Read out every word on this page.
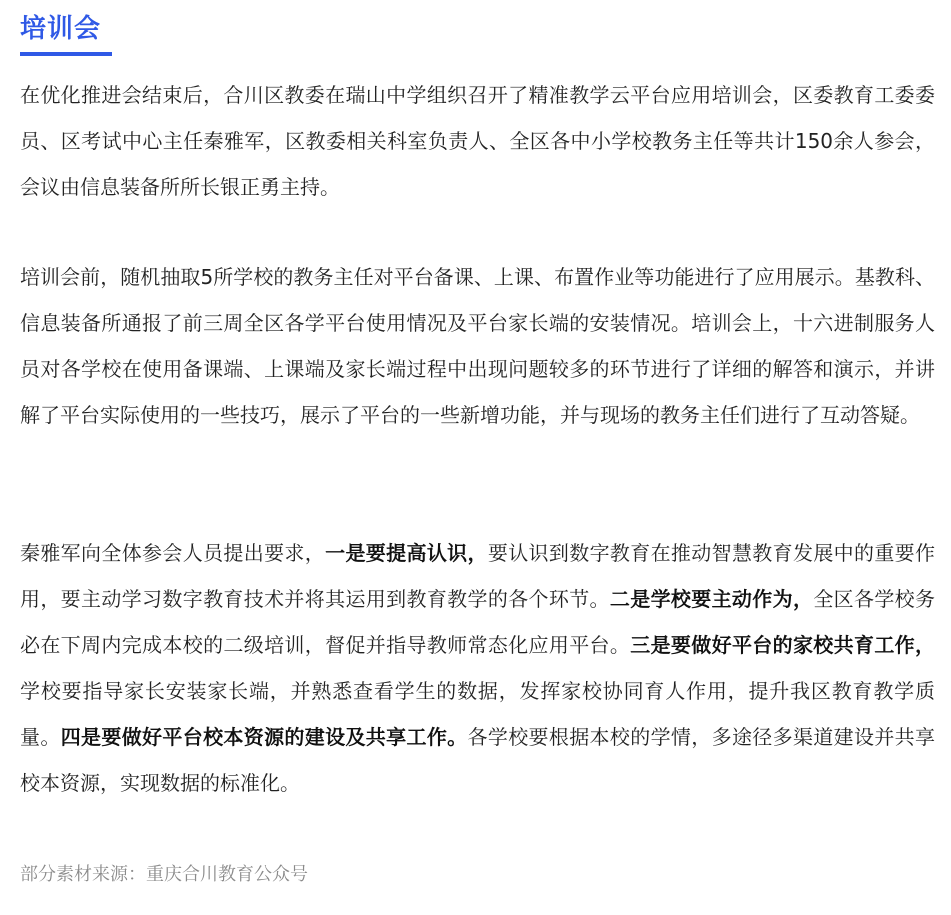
培训会

在优化推进会结束后，合川区教委在瑞山中学组织召开了精准教学云平台应用培训会，区委教育工委委员、区考试中心主任秦雅军，区教委相关科室负责人、全区各中小学校教务主任等共计150余人参会，会议由信息装备所所长银正勇主持。

培训会前，随机抽取5所学校的教务主任对平台备课、上课、布置作业等功能进行了应用展示。基教科、信息装备所通报了前三周全区各学平台使用情况及平台家长端的安装情况。培训会上，十六进制服务人员对各学校在使用备课端、上课端及家长端过程中出现问题较多的环节进行了详细的解答和演示，并讲解了平台实际使用的一些技巧，展示了平台的一些新增功能，并与现场的教务主任们进行了互动答疑。

秦雅军向全体参会人员提出要求，一是要提高认识，要认识到数字教育在推动智慧教育发展中的重要作用，要主动学习数字教育技术并将其运用到教育教学的各个环节。二是学校要主动作为，全区各学校务必在下周内完成本校的二级培训，督促并指导教师常态化应用平台。三是要做好平台的家校共育工作，学校要指导家长安装家长端，并熟悉查看学生的数据，发挥家校协同育人作用，提升我区教育教学质量。四是要做好平台校本资源的建设及共享工作。各学校要根据本校的学情，多途径多渠道建设并共享校本资源，实现数据的标准化。

部分素材来源：重庆合川教育公众号
